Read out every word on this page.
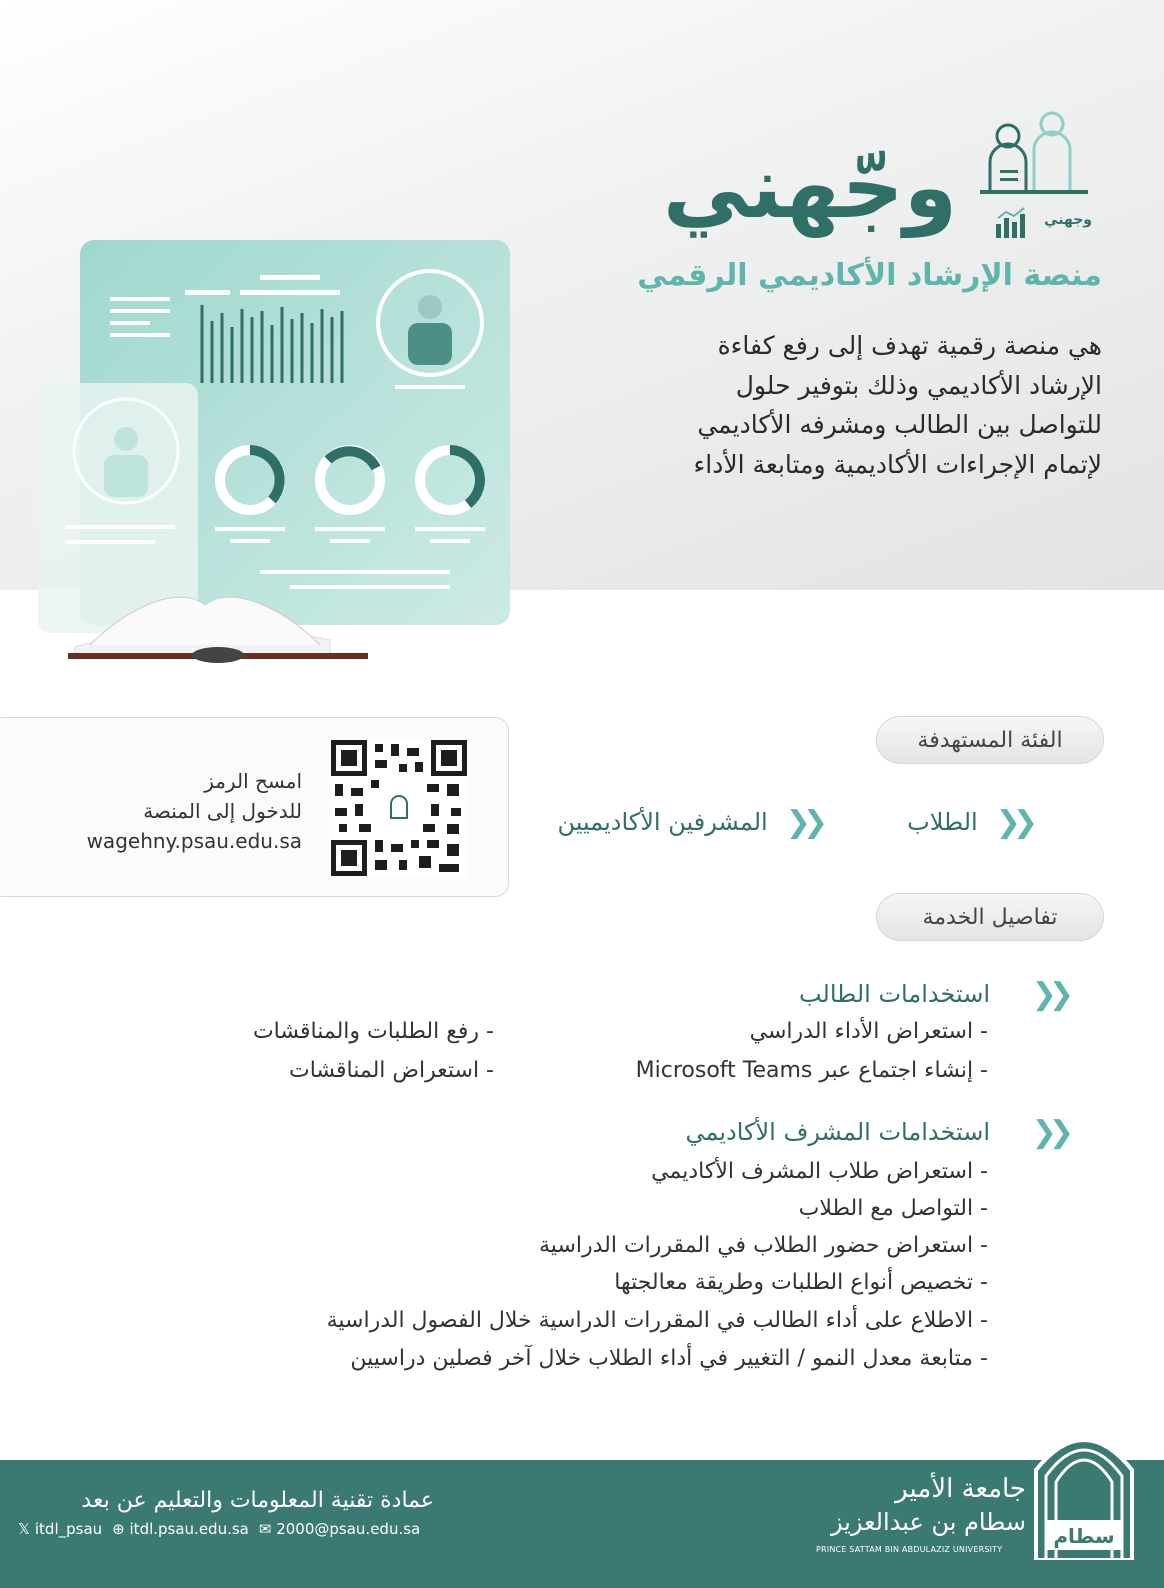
وجّهني	وجهني
منصة الإرشاد الأكاديمي الرقمي
هي منصة رقمية تهدف إلى رفع كفاءة
الإرشاد الأكاديمي وذلك بتوفير حلول
للتواصل بين الطالب ومشرفه الأكاديمي
لإتمام الإجراءات الأكاديمية ومتابعة الأداء
الفئة المستهدفة
❮❮
الطلاب
❮❮
المشرفين الأكاديميين
امسح الرمز
للدخول إلى المنصة
wagehny.psau.edu.sa
تفاصيل الخدمة
❮❮
استخدامات الطالب
- استعراض الأداء الدراسي
- إنشاء اجتماع عبر Microsoft Teams
- رفع الطلبات والمناقشات
- استعراض المناقشات
❮❮
استخدامات المشرف الأكاديمي
- استعراض طلاب المشرف الأكاديمي
- التواصل مع الطلاب
- استعراض حضور الطلاب في المقررات الدراسية
- تخصيص أنواع الطلبات وطريقة معالجتها
- الاطلاع على أداء الطالب في المقررات الدراسية خلال الفصول الدراسية
- متابعة معدل النمو / التغيير في أداء الطلاب خلال آخر فصلين دراسيين
سطام
جامعة الأمير
سطام بن عبدالعزيز
PRINCE SATTAM BIN ABDULAZIZ UNIVERSITY
عمادة تقنية المعلومات والتعليم عن بعد
𝕏 itdl_psau ⊕ itdl.psau.edu.sa ✉ 2000@psau.edu.sa
